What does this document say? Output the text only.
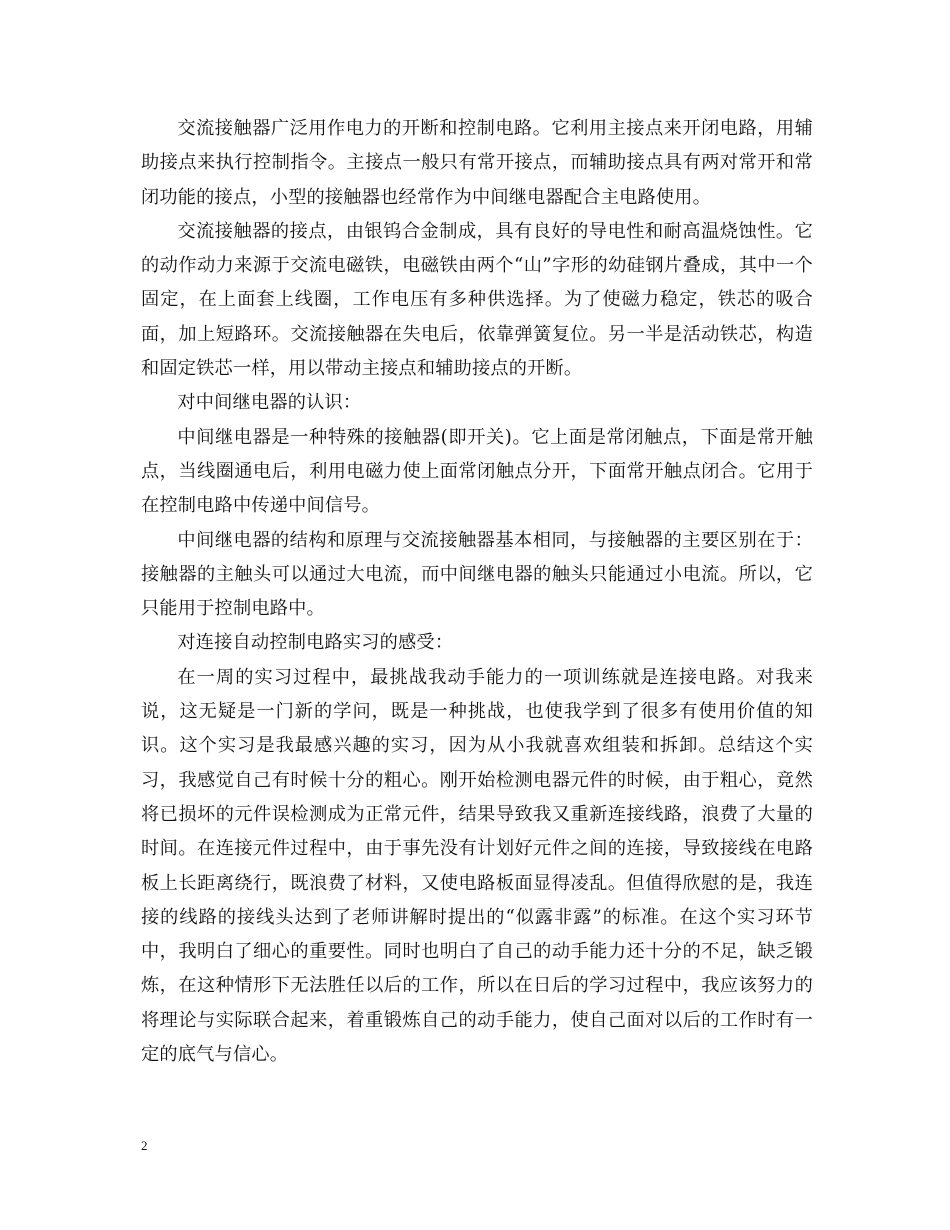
交流接触器广泛用作电力的开断和控制电路。它利用主接点来开闭电路，用辅助接点来执行控制指令。主接点一般只有常开接点，而辅助接点具有两对常开和常闭功能的接点，小型的接触器也经常作为中间继电器配合主电路使用。

交流接触器的接点，由银钨合金制成，具有良好的导电性和耐高温烧蚀性。它的动作动力来源于交流电磁铁，电磁铁由两个“山”字形的幼硅钢片叠成，其中一个固定，在上面套上线圈，工作电压有多种供选择。为了使磁力稳定，铁芯的吸合面，加上短路环。交流接触器在失电后，依靠弹簧复位。另一半是活动铁芯，构造和固定铁芯一样，用以带动主接点和辅助接点的开断。

对中间继电器的认识：

中间继电器是一种特殊的接触器(即开关)。它上面是常闭触点，下面是常开触点，当线圈通电后，利用电磁力使上面常闭触点分开，下面常开触点闭合。它用于在控制电路中传递中间信号。

中间继电器的结构和原理与交流接触器基本相同，与接触器的主要区别在于：接触器的主触头可以通过大电流，而中间继电器的触头只能通过小电流。所以，它只能用于控制电路中。

对连接自动控制电路实习的感受：

在一周的实习过程中，最挑战我动手能力的一项训练就是连接电路。对我来说，这无疑是一门新的学问，既是一种挑战，也使我学到了很多有使用价值的知识。这个实习是我最感兴趣的实习，因为从小我就喜欢组装和拆卸。总结这个实习，我感觉自己有时候十分的粗心。刚开始检测电器元件的时候，由于粗心，竟然将已损坏的元件误检测成为正常元件，结果导致我又重新连接线路，浪费了大量的时间。在连接元件过程中，由于事先没有计划好元件之间的连接，导致接线在电路板上长距离绕行，既浪费了材料，又使电路板面显得凌乱。但值得欣慰的是，我连接的线路的接线头达到了老师讲解时提出的“似露非露”的标准。在这个实习环节中，我明白了细心的重要性。同时也明白了自己的动手能力还十分的不足，缺乏锻炼，在这种情形下无法胜任以后的工作，所以在日后的学习过程中，我应该努力的将理论与实际联合起来，着重锻炼自己的动手能力，使自己面对以后的工作时有一定的底气与信心。

2
